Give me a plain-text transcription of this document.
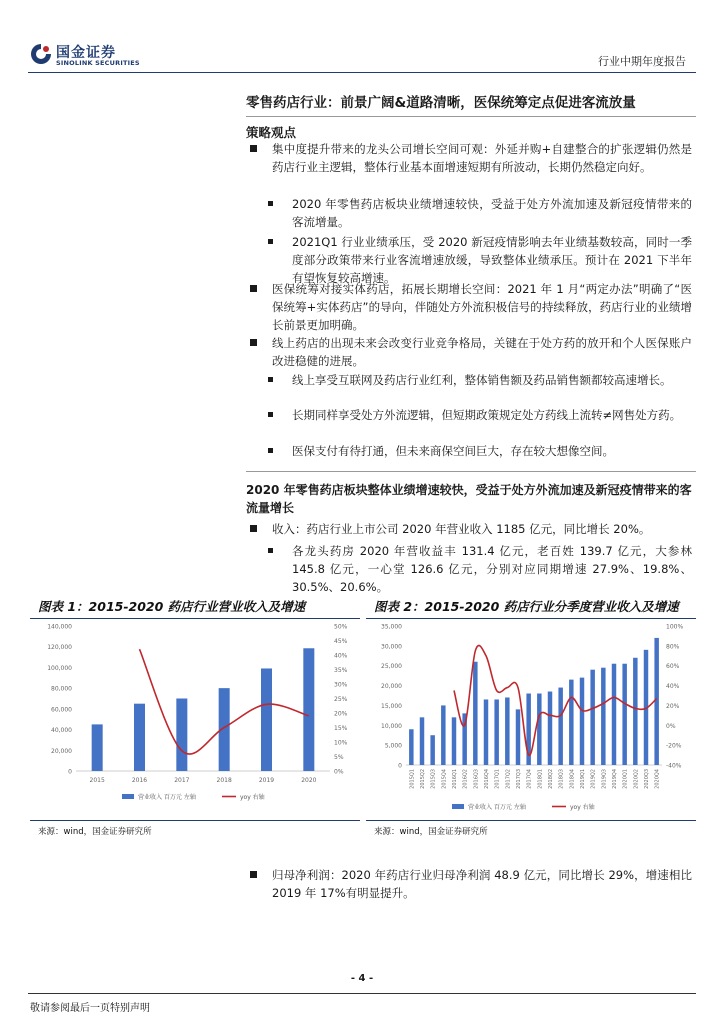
国金证券
SINOLINK SECURITIES	行业中期年度报告
零售药店行业：前景广阔&道路清晰，医保统筹定点促进客流放量
策略观点
集中度提升带来的龙头公司增长空间可观：外延并购+自建整合的扩张逻辑仍然是药店行业主逻辑，整体行业基本面增速短期有所波动，长期仍然稳定向好。
2020 年零售药店板块业绩增速较快，受益于处方外流加速及新冠疫情带来的客流增量。
2021Q1 行业业绩承压，受 2020 新冠疫情影响去年业绩基数较高，同时一季度部分政策带来行业客流增速放缓，导致整体业绩承压。预计在 2021 下半年有望恢复较高增速。
医保统筹对接实体药店，拓展长期增长空间：2021 年 1 月“两定办法”明确了“医保统筹+实体药店”的导向，伴随处方外流积极信号的持续释放，药店行业的业绩增长前景更加明确。
线上药店的出现未来会改变行业竞争格局，关键在于处方药的放开和个人医保账户改进稳健的进展。
线上享受互联网及药店行业红利，整体销售额及药品销售额都较高速增长。
长期同样享受处方外流逻辑，但短期政策规定处方药线上流转≠网售处方药。
医保支付有待打通，但未来商保空间巨大，存在较大想像空间。
2020 年零售药店板块整体业绩增速较快，受益于处方外流加速及新冠疫情带来的客流量增长
收入：药店行业上市公司 2020 年营业收入 1185 亿元，同比增长 20%。
各龙头药房 2020 年营收益丰 131.4 亿元，老百姓 139.7 亿元，大参林 145.8 亿元，一心堂 126.6 亿元，分别对应同期增速 27.9%、19.8%、30.5%、20.6%。
图表 1：2015-2020 药店行业营业收入及增速
0
20,000
40,000
60,000
80,000
100,000
120,000
140,000
0%
5%
10%
15%
20%
25%
30%
35%
40%
45%
50%
2015	2016	2017	2018	2019	2020
营业收入 百万元 左轴	yoy 右轴
来源：wind，国金证券研究所
图表 2：2015-2020 药店行业分季度营业收入及增速
0
5,000
10,000
15,000
20,000
25,000
30,000
35,000
-40%
-20%
0%
20%
40%
60%
80%
100%
2015Q1 2015Q2 2015Q3 2015Q4 2016Q1 2016Q2 2016Q3 2016Q4 2017Q1 2017Q2 2017Q3 2017Q4 2018Q1 2018Q2 2018Q3 2018Q4 2019Q1 2019Q2 2019Q3 2019Q4 2020Q1 2020Q2 2020Q3 2020Q4
营业收入 百万元 左轴	yoy 右轴
来源：wind，国金证券研究所
归母净利润：2020 年药店行业归母净利润 48.9 亿元，同比增长 29%，增速相比 2019 年 17%有明显提升。
- 4 -
敬请参阅最后一页特别声明
